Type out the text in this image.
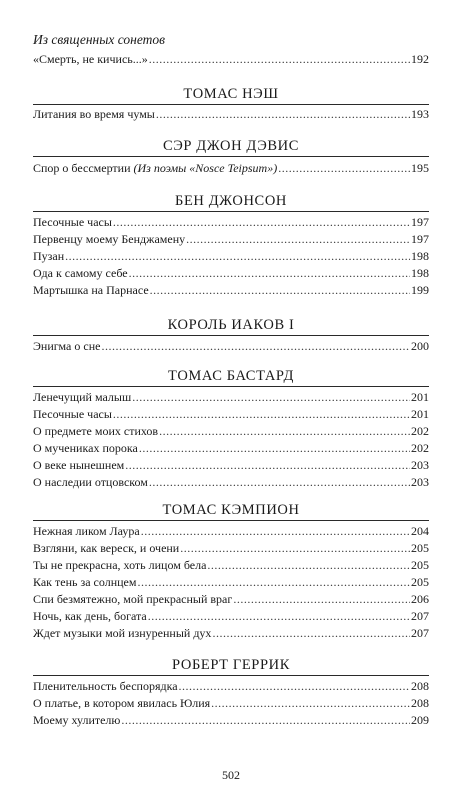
Из священных сонетов
«Смерть, не кичись...» .....	192
ТОМАС НЭШ
Литания во время чумы .....	193
СЭР ДЖОН ДЭВИС
Спор о бессмертии (Из поэмы «Nosce Teipsum») .....	195
БЕН ДЖОНСОН
Песочные часы .....	197
Первенцу моему Бенджамену .....	197
Пузан .....	198
Ода к самому себе .....	198
Мартышка на Парнасе .....	199
КОРОЛЬ ИАКОВ I
Энигма о сне .....	200
ТОМАС БАСТАРД
Ленечущий малыш .....	201
Песочные часы .....	201
О предмете моих стихов .....	202
О мучениках порока .....	202
О веке нынешнем .....	203
О наследии отцовском .....	203
ТОМАС КЭМПИОН
Нежная ликом Лаура .....	204
Взгляни, как вереск, и очени .....	205
Ты не прекрасна, хоть лицом бела .....	205
Как тень за солнцем .....	205
Спи безмятежно, мой прекрасный враг .....	206
Ночь, как день, богата .....	207
Ждет музыки мой изнуренный дух .....	207
РОБЕРТ ГЕРРИК
Пленительность беспорядка .....	208
О платье, в котором явилась Юлия .....	208
Моему хулителю .....	209
502
